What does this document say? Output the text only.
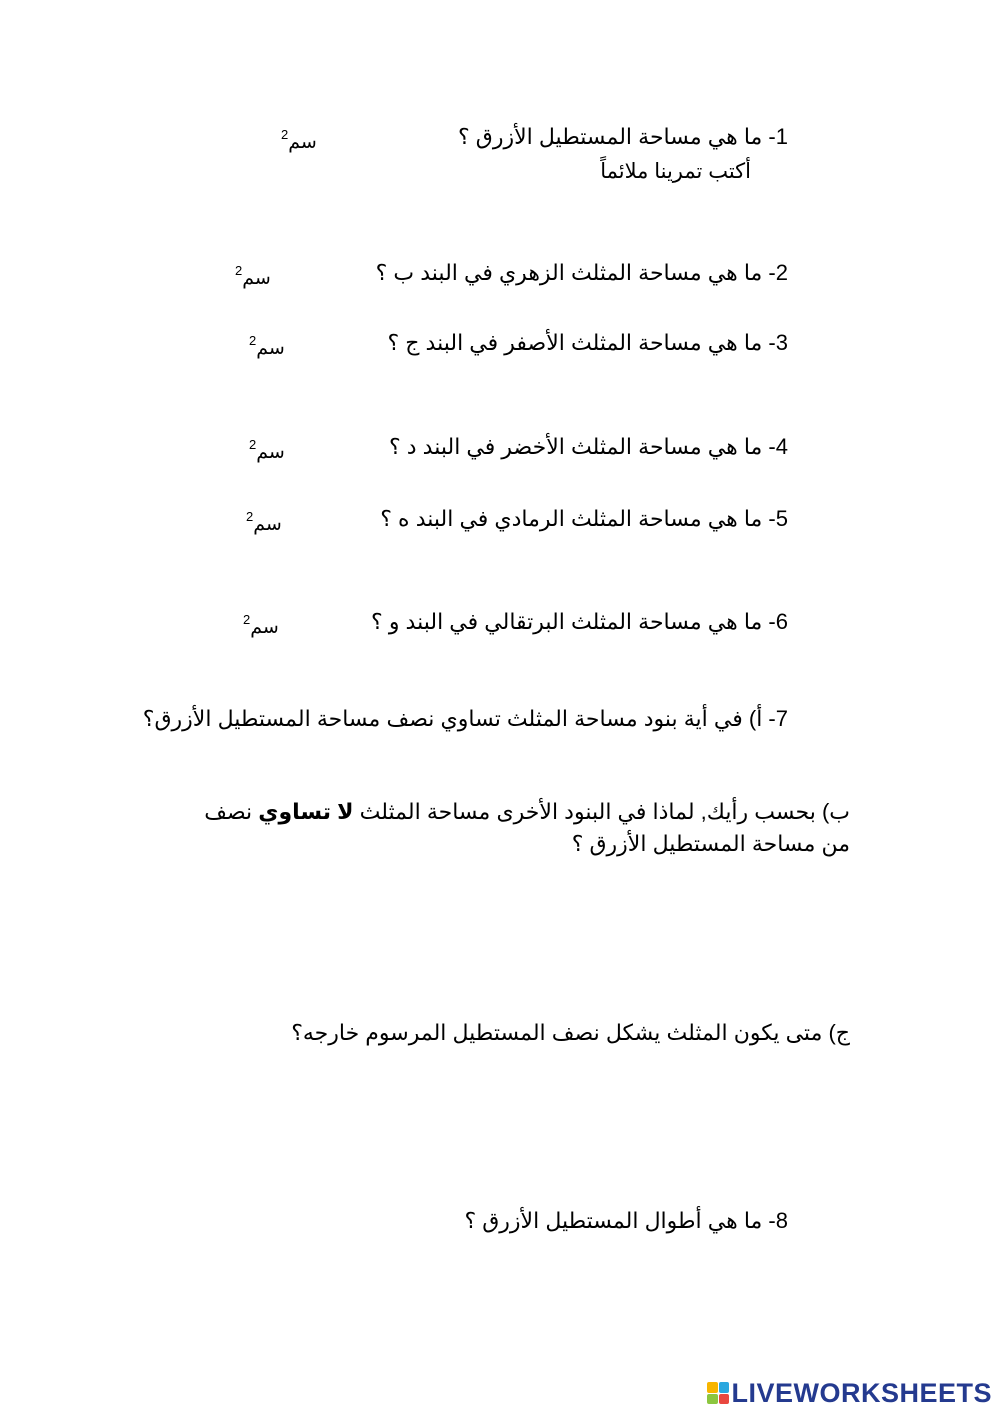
1- ما هي مساحة المستطيل الأزرق ؟
سم$^2$
أكتب تمرينا ملائماً
2- ما هي مساحة المثلث الزهري في البند ب ؟
سم$^2$
3- ما هي مساحة المثلث الأصفر في البند ج ؟
سم$^2$
4- ما هي مساحة المثلث الأخضر في البند د ؟
سم$^2$
5- ما هي مساحة المثلث الرمادي في البند ه ؟
سم$^2$
6- ما هي مساحة المثلث البرتقالي في البند و ؟
سم$^2$
7- أ) في أية بنود مساحة المثلث تساوي نصف مساحة المستطيل الأزرق؟
ب) بحسب رأيك, لماذا في البنود الأخرى مساحة المثلث لا تساوي نصف من مساحة المستطيل الأزرق ؟
ج) متى يكون المثلث يشكل نصف المستطيل المرسوم خارجه؟
8- ما هي أطوال المستطيل الأزرق ؟
LIVEWORKSHEETS
